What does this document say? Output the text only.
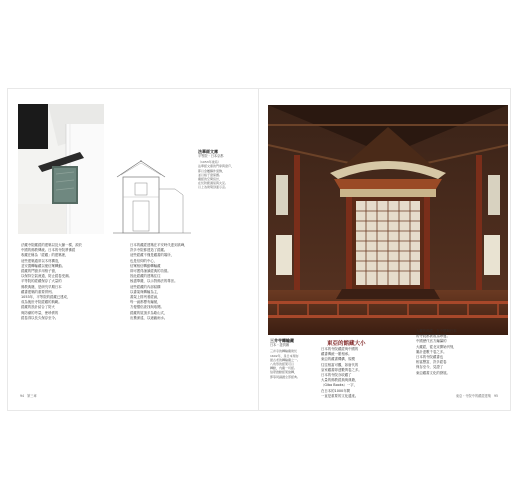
法華經文庫
平等院・日本京都
（1053年建造）
法華經文庫的門扉與窗戶，
都以金屬鑄件裝飾，
並以格子窗保護。
藏經的空間設計，
在於防範濕氣與火災。
以上為建築剖面示意。
法藏寺院藏經的建築以及大鐘一樣，源於
中國的佛教傳統。日本的寺院將佛經
收藏在稱為「經藏」的建築裡，
這些建築通常以木材構造，
並安置轉輪藏以便信眾轉動。
經藏的門窗多用格子窗，
以保持空氣流通，防止經卷受潮。
平等院的經藏保存了大量的
佛教典籍，是研究早期日本
藏書建築的重要實例。
1053年，平等院的經藏已建成，
成為後世寺院經藏的典範。
經藏的設計結合了防火
與防潮的考量，使珍貴的
經卷得以長久保存至今。
日本的藏經建築在平安時代達到高峰，
許多寺院都建造了經藏。
這些經藏不僅是藏書的場所，
也是信仰的中心，
信眾相信轉動轉輪藏
即可獲得誦讀經典的功德。
因此經藏的建築往往
極盡華麗，以示對佛法的尊崇。
這些經藏的內部結構
以書架與轉輪為主，
書架上排列著經函，
每一函都標有編號，
方便僧侶查找與取閱。
經藏的屋頂多為歇山式，
出簷深遠，以遮蔽雨水。
94 第三章
三井寺轉輪藏
日本・滋賀縣
三井寺的轉輪藏建於
1602年，是日本現存
最古老的轉輪藏之一。
八角形的經架可以
轉動，內藏一切經。
信眾推動經架旋轉，
即等同誦讀全部經典。
東亞的館藏大小
日本的寺院藏經與中國的
藏書傳統一脈相承。
東亞的藏書機構，規模
往往相當可觀，如唐代的
皇家藏書即達數萬卷之多。
日本的寺院亦收藏了
大量的佛教經典與典籍，
（Gibo Books）一字，
在日本的1000年間
一直是重要的文化遺產。
入藏的佛經，在中國與日本
的寺院都被視為珍寶。
中國歷代官方編纂的
大藏經，從北宋開始刊刻，
累計達數千卷之多。
日本的寺院藏書也
相當豐富，許多經卷
保存至今，見證了
東亞藏書文化的發展。
東亞・寺院中的藏經建築 95
